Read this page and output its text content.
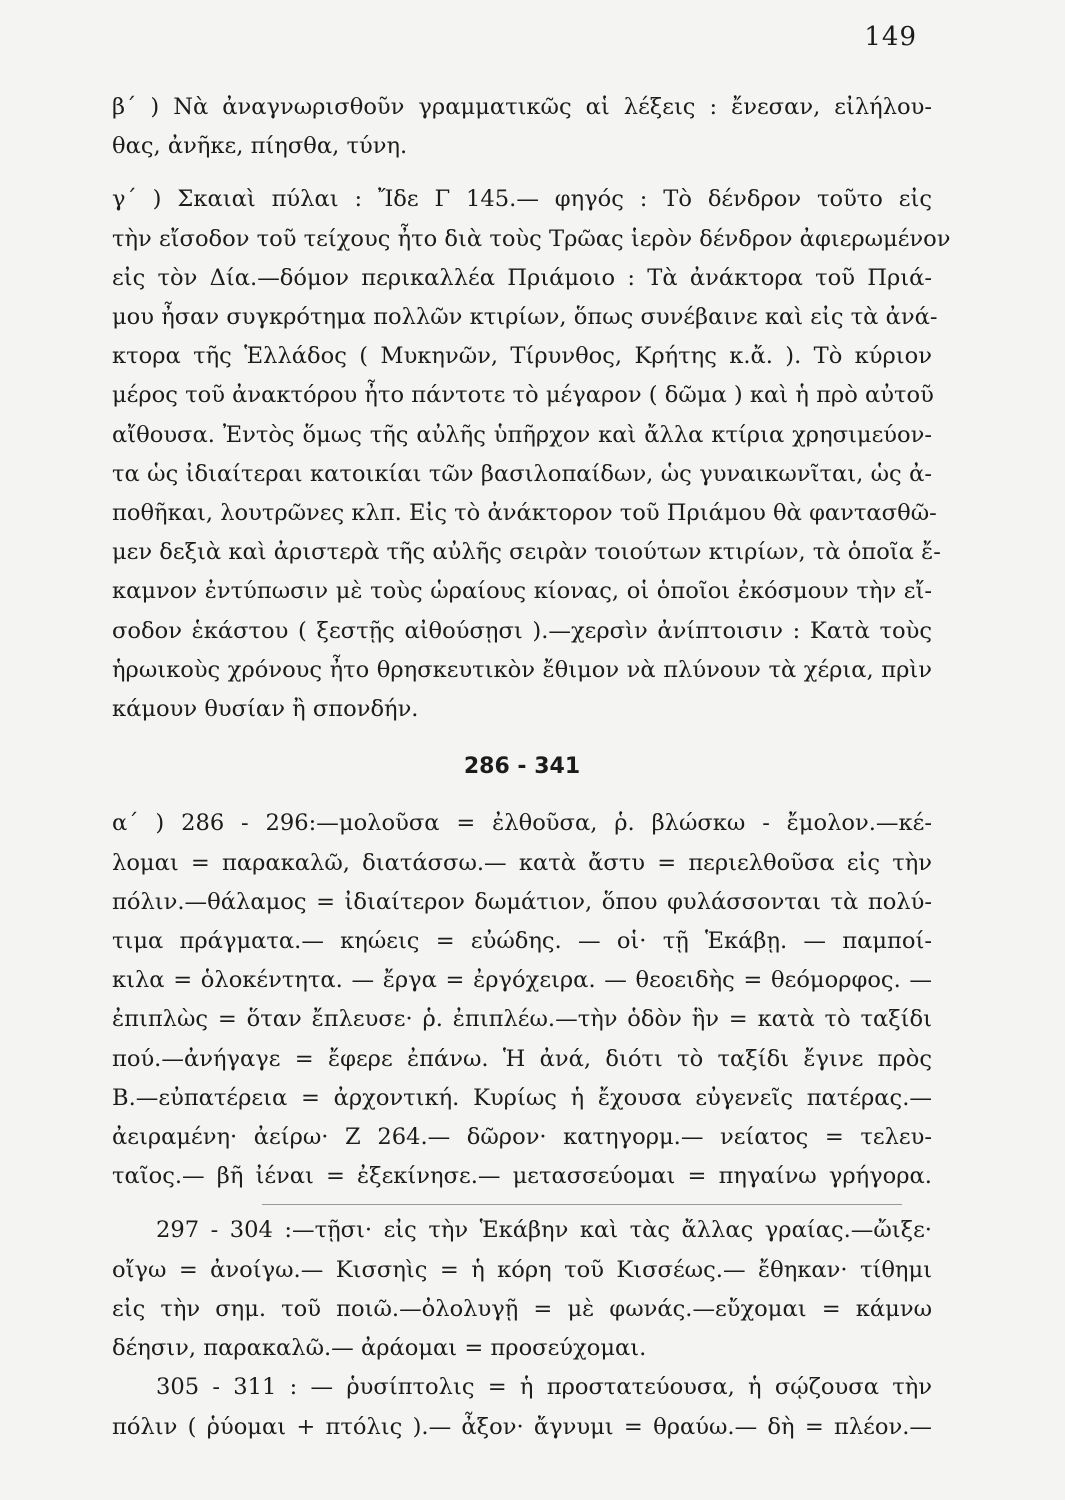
149
β΄ ) Νὰ ἀναγνωρισθοῦν γραμματικῶς αἱ λέξεις : ἔνεσαν, εἰλήλου-
θας, ἀνῆκε, πίησθα, τύνη.
γ΄ ) Σκαιαὶ πύλαι : Ἴδε Γ 145.— φηγός : Τὸ δένδρον τοῦτο εἰς
τὴν εἴσοδον τοῦ τείχους ἦτο διὰ τοὺς Τρῶας ἱερὸν δένδρον ἀφιερωμένον
εἰς τὸν Δία.—δόμον περικαλλέα Πριάμοιο : Τὰ ἀνάκτορα τοῦ Πριά-
μου ἦσαν συγκρότημα πολλῶν κτιρίων, ὅπως συνέβαινε καὶ εἰς τὰ ἀνά-
κτορα τῆς Ἑλλάδος ( Μυκηνῶν, Τίρυνθος, Κρήτης κ.ἄ. ). Τὸ κύριον
μέρος τοῦ ἀνακτόρου ἦτο πάντοτε τὸ μέγαρον ( δῶμα ) καὶ ἡ πρὸ αὐτοῦ
αἴθουσα. Ἐντὸς ὅμως τῆς αὐλῆς ὑπῆρχον καὶ ἄλλα κτίρια χρησιμεύον-
τα ὡς ἰδιαίτεραι κατοικίαι τῶν βασιλοπαίδων, ὡς γυναικωνῖται, ὡς ἀ-
ποθῆκαι, λουτρῶνες κλπ. Εἰς τὸ ἀνάκτορον τοῦ Πριάμου θὰ φαντασθῶ-
μεν δεξιὰ καὶ ἀριστερὰ τῆς αὐλῆς σειρὰν τοιούτων κτιρίων, τὰ ὁποῖα ἔ-
καμνον ἐντύπωσιν μὲ τοὺς ὡραίους κίονας, οἱ ὁποῖοι ἐκόσμουν τὴν εἴ-
σοδον ἑκάστου ( ξεστῇς αἰθούσῃσι ).—χερσὶν ἀνίπτοισιν : Κατὰ τοὺς
ἡρωικοὺς χρόνους ἦτο θρησκευτικὸν ἔθιμον νὰ πλύνουν τὰ χέρια, πρὶν
κάμουν θυσίαν ἢ σπονδήν.
286 - 341
α΄ ) 286 - 296:—μολοῦσα = ἐλθοῦσα, ῥ. βλώσκω - ἔμολον.—κέ-
λομαι = παρακαλῶ, διατάσσω.— κατὰ ἄστυ = περιελθοῦσα εἰς τὴν
πόλιν.—θάλαμος = ἰδιαίτερον δωμάτιον, ὅπου φυλάσσονται τὰ πολύ-
τιμα πράγματα.— κηώεις = εὐώδης. — οἱ· τῇ Ἑκάβῃ. — παμποί-
κιλα = ὁλοκέντητα. — ἔργα = ἐργόχειρα. — θεοειδὴς = θεόμορφος. —
ἐπιπλὼς = ὅταν ἔπλευσε· ῥ. ἐπιπλέω.—τὴν ὁδὸν ἣν = κατὰ τὸ ταξίδι
πού.—ἀνήγαγε = ἔφερε ἐπάνω. Ἡ ἀνά, διότι τὸ ταξίδι ἔγινε πρὸς
Β.—εὐπατέρεια = ἀρχοντική. Κυρίως ἡ ἔχουσα εὐγενεῖς πατέρας.—
ἀειραμένη· ἀείρω· Ζ 264.— δῶρον· κατηγορμ.— νείατος = τελευ-
ταῖος.— βῆ ἰέναι = ἐξεκίνησε.— μετασσεύομαι = πηγαίνω γρήγορα.
297 - 304 :—τῇσι· εἰς τὴν Ἑκάβην καὶ τὰς ἄλλας γραίας.—ὤιξε·
οἴγω = ἀνοίγω.— Κισσηὶς = ἡ κόρη τοῦ Κισσέως.— ἔθηκαν· τίθημι
εἰς τὴν σημ. τοῦ ποιῶ.—ὀλολυγῇ = μὲ φωνάς.—εὔχομαι = κάμνω
δέησιν, παρακαλῶ.— ἀράομαι = προσεύχομαι.
305 - 311 : — ῥυσίπτολις = ἡ προστατεύουσα, ἡ σῴζουσα τὴν
πόλιν ( ῥύομαι + πτόλις ).— ἆξον· ἄγνυμι = θραύω.— δὴ = πλέον.—
